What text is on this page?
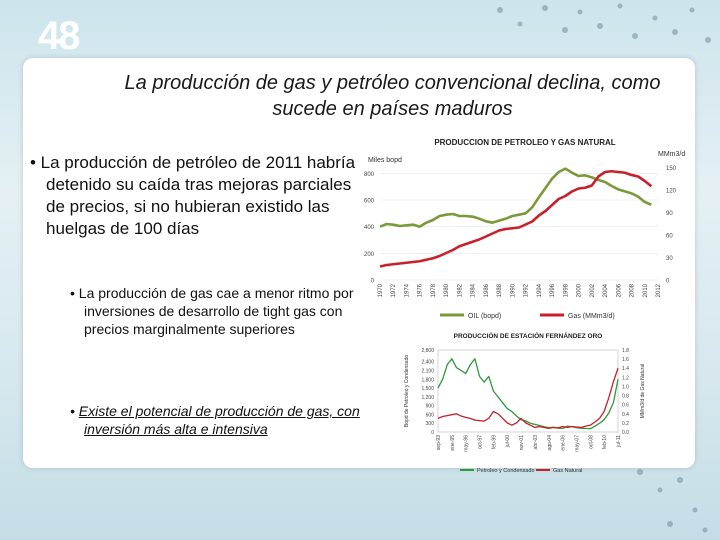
48
La producción de gas y petróleo convencional declina, como sucede en países maduros
• La producción de petróleo de 2011 habría detenido su caída tras mejoras parciales de precios, si no hubieran existido las huelgas de 100 días
• La producción de gas cae a menor ritmo por inversiones de desarrollo de tight gas con precios marginalmente superiores
• Existe el potencial de producción de gas, con inversión más alta e intensiva
PRODUCCION DE PETROLEO Y GAS NATURAL
Miles bopd
MMm3/d
0
200
400
600
800
0
30
60
90
120
150
1970 1972 1974 1976 1978 1980 1982 1984 1986 1988 1990 1992 1994 1996 1998 2000 2002 2004 2006 2008 2010 2012
OIL (bopd)	Gas (MMm3/d)
PRODUCCIÓN DE ESTACIÓN FERNÁNDEZ ORO
Bopd de Petroleo y Condensado	MMm3/d de Gas Natural
0
300
600
900
1,200
1,500
1,800
2,100
2,400
2,800
0.0
0.2
0.4
0.6
0.8
1.0
1.2
1.4
1.6
1.8
sep-93 ene-95 may-96 oct-97 feb-99 jul-00 nov-01 abr-03 ago-04 ene-06 may-07 oct-08 feb-10 jul-11
Petroleo y Condensado	Gas Natural
